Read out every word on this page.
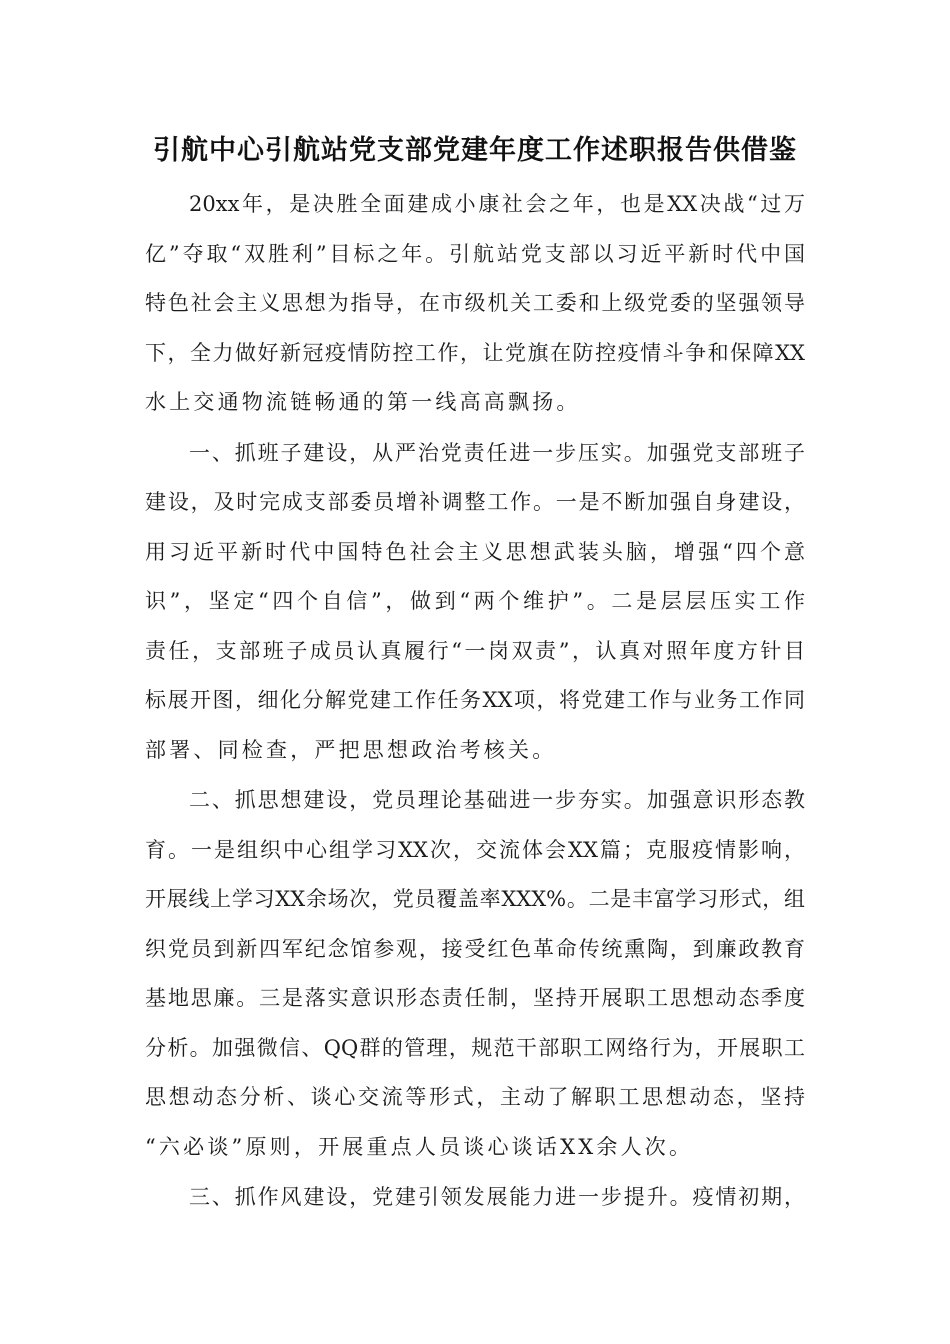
引航中心引航站党支部党建年度工作述职报告供借鉴
20xx年，是决胜全面建成小康社会之年，也是XX决战“过万
亿”夺取“双胜利”目标之年。引航站党支部以习近平新时代中国
特色社会主义思想为指导，在市级机关工委和上级党委的坚强领导
下，全力做好新冠疫情防控工作，让党旗在防控疫情斗争和保障XX
水上交通物流链畅通的第一线高高飘扬。
一、抓班子建设，从严治党责任进一步压实。加强党支部班子
建设，及时完成支部委员增补调整工作。一是不断加强自身建设，
用习近平新时代中国特色社会主义思想武装头脑，增强“四个意
识”，坚定“四个自信”，做到“两个维护”。二是层层压实工作
责任，支部班子成员认真履行“一岗双责”，认真对照年度方针目
标展开图，细化分解党建工作任务XX项，将党建工作与业务工作同
部署、同检查，严把思想政治考核关。
二、抓思想建设，党员理论基础进一步夯实。加强意识形态教
育。一是组织中心组学习XX次，交流体会XX篇；克服疫情影响，
开展线上学习XX余场次，党员覆盖率XXX%。二是丰富学习形式，组
织党员到新四军纪念馆参观，接受红色革命传统熏陶，到廉政教育
基地思廉。三是落实意识形态责任制，坚持开展职工思想动态季度
分析。加强微信、QQ群的管理，规范干部职工网络行为，开展职工
思想动态分析、谈心交流等形式，主动了解职工思想动态，坚持
“六必谈”原则，开展重点人员谈心谈话XX余人次。
三、抓作风建设，党建引领发展能力进一步提升。疫情初期，
